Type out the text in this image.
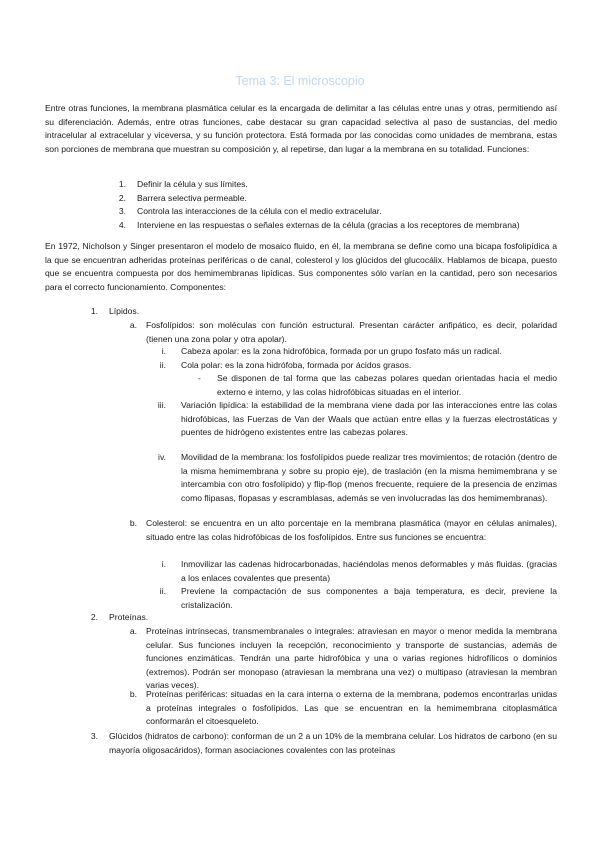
Tema 3: El microscopio

Entre otras funciones, la membrana plasmática celular es la encargada de delimitar a las células entre unas y otras, permitiendo así su diferenciación. Además, entre otras funciones, cabe destacar su gran capacidad selectiva al paso de sustancias, del medio intracelular al extracelular y viceversa, y su función protectora. Está formada por las conocidas como unidades de membrana, estas son porciones de membrana que muestran su composición y, al repetirse, dan lugar a la membrana en su totalidad. Funciones:

1. Definir la célula y sus límites.
2. Barrera selectiva permeable.
3. Controla las interacciones de la célula con el medio extracelular.
4. Interviene en las respuestas o señales externas de la célula (gracias a los receptores de membrana)

En 1972, Nicholson y Singer presentaron el modelo de mosaico fluido, en él, la membrana se define como una bicapa fosfolipídica a la que se encuentran adheridas proteínas periféricas o de canal, colesterol y los glúcidos del glucocálix. Hablamos de bicapa, puesto que se encuentra compuesta por dos hemimembranas lipídicas. Sus componentes sólo varían en la cantidad, pero son necesarios para el correcto funcionamiento. Componentes:

1. Lípidos.
a. Fosfolípidos: son moléculas con función estructural. Presentan carácter anfipático, es decir, polaridad (tienen una zona polar y otra apolar).
i. Cabeza apolar: es la zona hidrofóbica, formada por un grupo fosfato más un radical.
ii. Cola polar: es la zona hidrófoba, formada por ácidos grasos.
-	Se disponen de tal forma que las cabezas polares quedan orientadas hacia el medio externo e interno, y las colas hidrofóbicas situadas en el interior.
iii. Variación lipídica: la estabilidad de la membrana viene dada por las interacciones entre las colas hidrofóbicas, las Fuerzas de Van der Waals que actúan entre ellas y la fuerzas electrostáticas y puentes de hidrógeno existentes entre las cabezas polares.
iv. Movilidad de la membrana: los fosfolípidos puede realizar tres movimientos; de rotación (dentro de la misma hemimembrana y sobre su propio eje), de traslación (en la misma hemimembrana y se intercambia con otro fosfolípido) y flip-flop (menos frecuente, requiere de la presencia de enzimas como flipasas, flopasas y escramblasas, además se ven involucradas las dos hemimembranas).
b. Colesterol: se encuentra en un alto porcentaje en la membrana plasmática (mayor en células animales), situado entre las colas hidrofóbicas de los fosfolípidos. Entre sus funciones se encuentra:
i. Inmovilizar las cadenas hidrocarbonadas, haciéndolas menos deformables y más fluidas. (gracias a los enlaces covalentes que presenta)
ii. Previene la compactación de sus componentes a baja temperatura, es decir, previene la cristalización.
2. Proteínas.
a. Proteínas intrínsecas, transmembranales o integrales: atraviesan en mayor o menor medida la membrana celular. Sus funciones incluyen la recepción, reconocimiento y transporte de sustancias, además de funciones enzimáticas. Tendrán una parte hidrofóbica y una o varias regiones hidrofílicos o dominios (extremos). Podrán ser monopaso (atraviesan la membrana una vez) o multipaso (atraviesan la membran varias veces).
b. Proteínas periféricas: situadas en la cara interna o externa de la membrana, podemos encontrarlas unidas a proteínas integrales o fosfolípidos. Las que se encuentran en la hemimembrana citoplasmática conformarán el citoesqueleto.
3. Glúcidos (hidratos de carbono): conforman de un 2 a un 10% de la membrana celular. Los hidratos de carbono (en su mayoría oligosacáridos), forman asociaciones covalentes con las proteínas
